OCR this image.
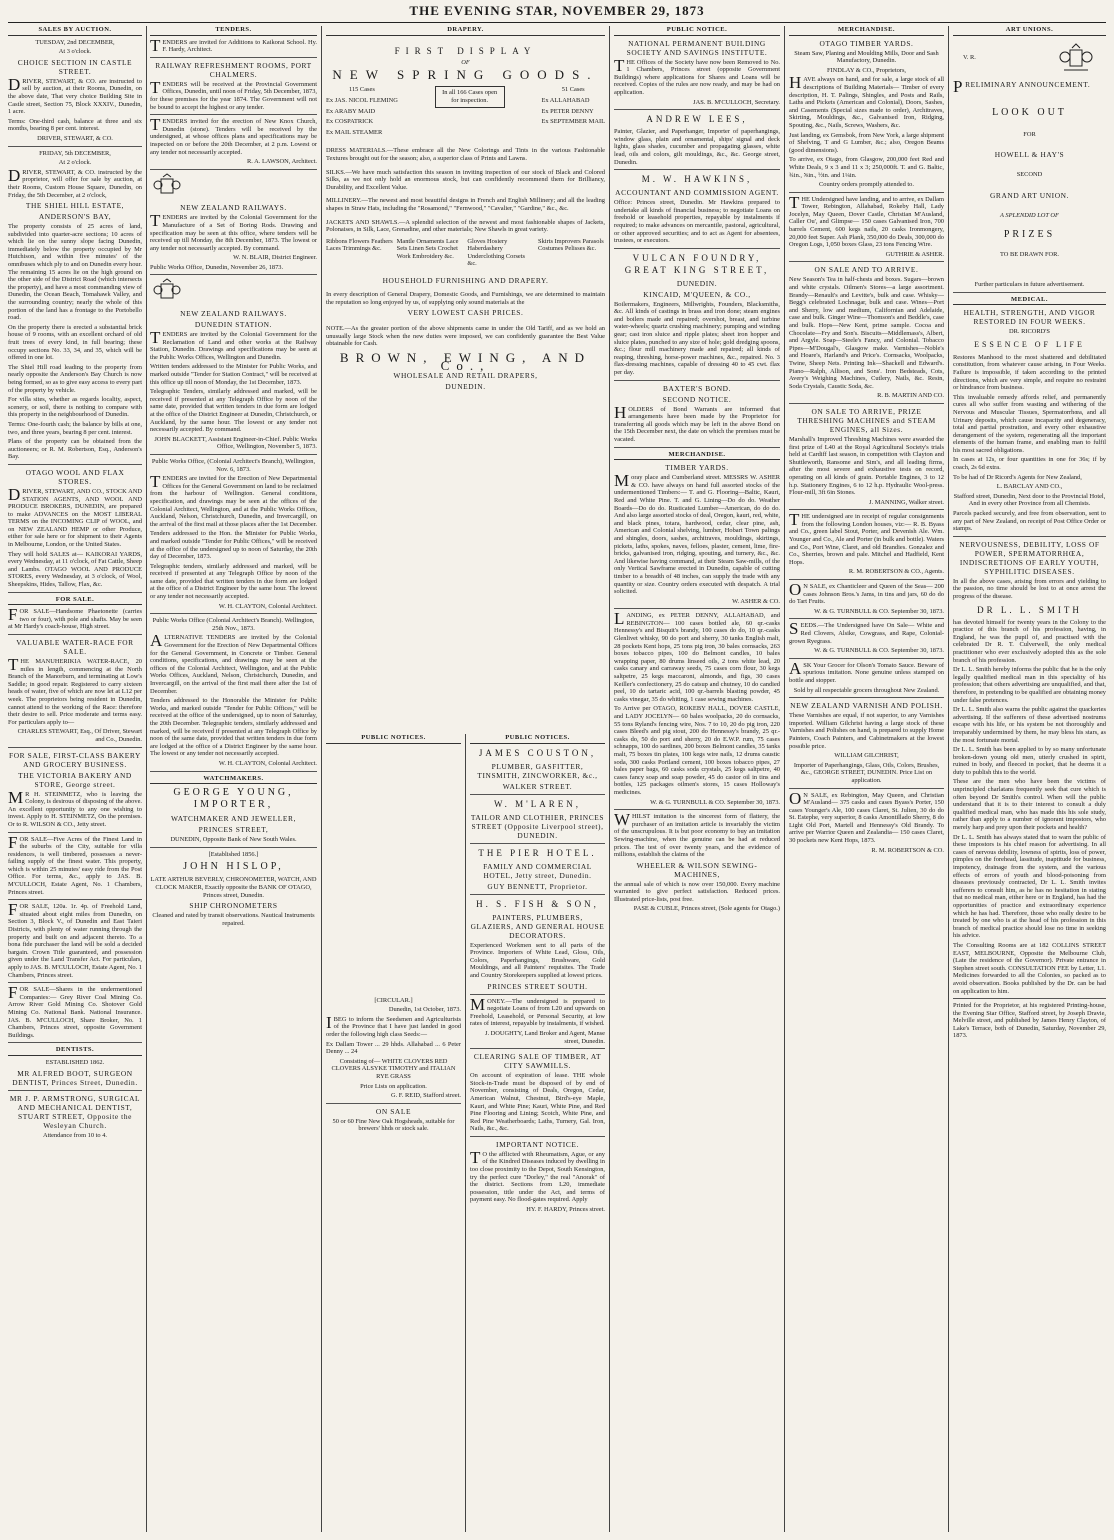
THE EVENING STAR, NOVEMBER 29, 1873
SALES BY AUCTION.
TUESDAY, 2nd DECEMBER,
At 3 o'clock.
CHOICE SECTION IN CASTLE STREET.
DRIVER, STEWART, & CO. are instructed to sell by auction, at their Rooms, Dunedin, on the above date, That very choice Building Site in Castle street, Section 75, Block XXXIV., Dunedin, 1 acre.
Terms: One-third cash, balance at three and six months, bearing 8 per cent. interest.
DRIVER, STEWART, & CO.
FRIDAY, 5th DECEMBER,
At 2 o'clock.
DRIVER, STEWART, & CO. instructed by the proprietor, will offer for sale by auction, at their Rooms, Custom House Square, Dunedin, on Friday, the 5th December, at 2 o'clock,
THE SHIEL HILL ESTATE,
ANDERSON'S BAY,
The property consists of 25 acres of land, subdivided into quarter-acre sections; 10 acres of which lie on the sunny slope facing Dunedin, immediately below the property occupied by Mr Hutchison, and within five minutes' of the omnibuses which ply to and on Dunedin every hour. The remaining 15 acres lie on the high ground on the other side of the District Road (which intersects the property), and have a most commanding view of Dunedin, the Ocean Beach, Tomahawk Valley, and the surrounding country; nearly the whole of this portion of the land has a frontage to the Portobello road.
On the property there is erected a substantial brick house of 9 rooms, with an excellent orchard of old fruit trees of every kind, in full bearing; these occupy sections No. 33, 34, and 35, which will be offered in one lot.
The Shiel Hill road leading to the property from nearly opposite the Anderson's Bay Church is now being formed, so as to give easy access to every part of the property by vehicle.
For villa sites, whether as regards locality, aspect, scenery, or soil, there is nothing to compare with this property in the neighbourhood of Dunedin.
Terms: One-fourth cash; the balance by bills at one, two, and three years, bearing 8 per cent. interest.
Plans of the property can be obtained from the auctioneers; or R. M. Robertson, Esq., Anderson's Bay.
OTAGO WOOL AND FLAX STORES.
DRIVER, STEWART, AND CO., STOCK AND STATION AGENTS, AND WOOL AND PRODUCE BROKERS, DUNEDIN, are prepared to make ADVANCES on the MOST LIBERAL TERMS on the INCOMING CLIP of WOOL, and on NEW ZEALAND HEMP or other Produce, either for sale here or for shipment to their Agents in Melbourne, London, or the United States.
They will hold SALES at— KAIKORAI YARDS, every Wednesday, at 11 o'clock, of Fat Cattle, Sheep and Lambs. OTAGO WOOL AND PRODUCE STORES, every Wednesday, at 3 o'clock, of Wool, Sheepskins, Hides, Tallow, Flax, &c.
FOR SALE.
FOR SALE—Handsome Phaetonette (carries two or four), with pole and shafts. May be seen at Mr Hardy's coach-house, High street.
VALUABLE WATER-RACE FOR SALE.
THE MANUHERIKIA WATER-RACE, 20 miles in length, commencing at the North Branch of the Manorburn, and terminating at Low's Saddle; in good repair. Registered to carry sixteen heads of water, five of which are now let at L12 per week. The proprietors being resident in Dunedin, cannot attend to the working of the Race: therefore their desire to sell. Price moderate and terms easy. For particulars apply to—
CHARLES STEWART, Esq., Of Driver, Stewart and Co., Dunedin.
FOR SALE, FIRST-CLASS BAKERY AND GROCERY BUSINESS.
THE VICTORIA BAKERY AND STORE, George street.
MR H. STEINMETZ, who is leaving the Colony, is desirous of disposing of the above. An excellent opportunity to any one wishing to invest. Apply to H. STEINMETZ, On the premises. Or to R. WILSON & CO., Jetty street.
FOR SALE—Five Acres of the Finest Land in the suburbs of the City, suitable for villa residences, is well timbered, possesses a never-failing supply of the finest water. This property, which is within 25 minutes' easy ride from the Post Office. For terms, &c., apply to JAS. B. M'CULLOCH, Estate Agent, No. 1 Chambers, Princes street.
FOR SALE, 120a. 1r. 4p. of Freehold Land, situated about eight miles from Dunedin, on Section 3, Block V., of Dunedin and East Taieri Districts, with plenty of water running through the property and built on and adjacent thereto. To a bona fide purchaser the land will be sold a decided bargain. Crown Title guaranteed, and possession given under the Land Transfer Act. For particulars, apply to JAS. B. M'CULLOCH, Estate Agent, No. 1 Chambers, Princes street.
FOR SALE—Shares in the undermentioned Companies:— Grey River Coal Mining Co. Arrow River Gold Mining Co. Shotover Gold Mining Co. National Bank. National Insurance. JAS. B. M'CULLOCH, Share Broker, No. 1 Chambers, Princes street, opposite Government Buildings.
DENTISTS.
ESTABLISHED 1862.
MR ALFRED BOOT, SURGEON DENTIST, Princes Street, Dunedin.
MR J. P. ARMSTRONG, SURGICAL AND MECHANICAL DENTIST, STUART STREET, Opposite the Wesleyan Church.
Attendance from 10 to 4.
TENDERS.
TENDERS are invited for Additions to Kaikorai School. Hy. F. Hardy, Architect.
RAILWAY REFRESHMENT ROOMS, PORT CHALMERS.
TENDERS will be received at the Provincial Government Offices, Dunedin, until noon of Friday, 5th December, 1873, for these premises for the year 1874. The Government will not be bound to accept the highest or any tender.
TENDERS invited for the erection of New Knox Church, Dunedin (stone). Tenders will be received by the undersigned, at whose offices plans and specifications may be inspected on or before the 20th December, at 2 p.m. Lowest or any tender not necessarily accepted.
R. A. LAWSON, Architect.
NEW ZEALAND RAILWAYS.
TENDERS are invited by the Colonial Government for the Manufacture of a Set of Boring Rods. Drawing and specification may be seen at this office, where tenders will be received up till Monday, the 8th December, 1873. The lowest or any tender not necessarily accepted. By command.
W. N. BLAIR, District Engineer.
Public Works Office, Dunedin, November 26, 1873.
NEW ZEALAND RAILWAYS.
DUNEDIN STATION.
TENDERS are invited by the Colonial Government for the Reclamation of Land and other works at the Railway Station, Dunedin. Drawings and specifications may be seen at the Public Works Offices, Wellington and Dunedin.
Written tenders addressed to the Minister for Public Works, and marked outside "Tender for Station Contract," will be received at this office up till noon of Monday, the 1st December, 1873.
Telegraphic Tenders, similarly addressed and marked, will be received if presented at any Telegraph Office by noon of the same date, provided that written tenders in due form are lodged at the office of the District Engineer at Dunedin, Christchurch, or Auckland, by the same hour. The lowest or any tender not necessarily accepted. By command.
JOHN BLACKETT, Assistant Engineer-in-Chief. Public Works Office, Wellington, November 5, 1873.
Public Works Office, (Colonial Architect's Branch), Wellington, Nov. 6, 1873.
TENDERS are invited for the Erection of New Departmental Offices for the General Government on land to be reclaimed from the harbour of Wellington. General conditions, specification, and drawings may be seen at the offices of the Colonial Architect, Wellington, and at the Public Works Offices, Auckland, Nelson, Christchurch, Dunedin, and Invercargill, on the arrival of the first mail at those places after the 1st December.
Tenders addressed to the Hon. the Minister for Public Works, and marked outside "Tender for Public Offices," will be received at the office of the undersigned up to noon of Saturday, the 20th day of December, 1873.
Telegraphic tenders, similarly addressed and marked, will be received if presented at any Telegraph Office by noon of the same date, provided that written tenders in due form are lodged at the office of a District Engineer by the same hour. The lowest or any tender not necessarily accepted.
W. H. CLAYTON, Colonial Architect.
Public Works Office (Colonial Architect's Branch). Wellington, 25th Nov., 1873.
ALTERNATIVE TENDERS are invited by the Colonial Government for the Erection of New Departmental Offices for the General Government, in Concrete or Timber. General conditions, specifications, and drawings may be seen at the offices of the Colonial Architect, Wellington, and at the Public Works Offices, Auckland, Nelson, Christchurch, Dunedin, and Invercargill, on the arrival of the first mail there after the 1st of December.
Tenders addressed to the Honorable the Minister for Public Works, and marked outside "Tender for Public Offices," will be received at the office of the undersigned, up to noon of Saturday, the 20th December. Telegraphic tenders, similarly addressed and marked, will be received if presented at any Telegraph Office by noon of the same date, provided that written tenders in due form are lodged at the office of a District Engineer by the same hour. The lowest or any tender not necessarily accepted.
W. H. CLAYTON, Colonial Architect.
WATCHMAKERS.
GEORGE YOUNG, IMPORTER,
WATCHMAKER AND JEWELLER,
PRINCES STREET,
DUNEDIN, Opposite Bank of New South Wales.
[Established 1856.]
JOHN HISLOP,
LATE ARTHUR BEVERLY, CHRONOMETER, WATCH, AND CLOCK MAKER, Exactly opposite the BANK OF OTAGO, Princes street, Dunedin.
SHIP CHRONOMETERS
Cleaned and rated by transit observations. Nautical Instruments repaired.
DRAPERY.
FIRST DISPLAY
OF
NEW SPRING GOODS.
115 Cases
Ex JAS. NICOL FLEMING
Ex ARABY MAID
Ex COSPATRICK
Ex MAIL STEAMER
In all 166 Cases open for inspection.
51 Cases
Ex ALLAHABAD
Ex PETER DENNY
Ex SEPTEMBER MAIL
DRESS MATERIALS.—These embrace all the New Colorings and Tints in the various Fashionable Textures brought out for the season; also, a superior class of Prints and Lawns.
SILKS.—We have much satisfaction this season in inviting inspection of our stock of Black and Colored Silks, as we not only hold an enormous stock, but can confidently recommend them for Brilliancy, Durability, and Excellent Value.
MILLINERY.—The newest and most beautiful designs in French and English Millinery; and all the leading shapes in Straw Hats, including the "Rosamond," "Fernwood," "Cavalier," "Gardine," &c., &c.
JACKETS AND SHAWLS.—A splendid selection of the newest and most fashionable shapes of Jackets, Polonaises, in Silk, Lace, Grenadine, and other materials; New Shawls in great variety.
Ribbons Flowers Feathers Laces Trimmings &c.
Mantle Ornaments Lace Sets Linen Sets Crochet Work Embroidery &c.
Gloves Hosiery Haberdashery Underclothing Corsets &c.
Skirts Improvers Parasols Costumes Pelisses &c.
HOUSEHOLD FURNISHING AND DRAPERY.
In every description of General Drapery, Domestic Goods, and Furnishings, we are determined to maintain the reputation so long enjoyed by us, of supplying only sound materials at the
VERY LOWEST CASH PRICES.
NOTE.—As the greater portion of the above shipments came in under the Old Tariff, and as we hold an unusually large Stock when the new duties were imposed, we can confidently guarantee the Best Value obtainable for Cash.
BROWN, EWING, AND Co.,
WHOLESALE AND RETAIL DRAPERS,
DUNEDIN.
PUBLIC NOTICES.
[CIRCULAR.]
Dunedin, 1st October, 1873.
IBEG to inform the Seedsmen and Agriculturists of the Province that I have just landed in good order the following high class Seeds:—
Ex Dallam Tower ... 29 hhds. Allahabad ... 6 Peter Denny ... 24
Consisting of— WHITE CLOVERS RED CLOVERS ALSYKE TIMOTHY and ITALIAN RYE GRASS
Price Lists on application.
G. F. REID, Stafford street.
ON SALE
50 or 60 Fine New Oak Hogsheads, suitable for brewers' hhds or stock sale.
PUBLIC NOTICES.
JAMES COUSTON,
PLUMBER, GASFITTER, TINSMITH, ZINCWORKER, &c.,
WALKER STREET.
W. M'LAREN,
TAILOR AND CLOTHIER, PRINCES STREET (Opposite Liverpool street), DUNEDIN.
THE PIER HOTEL.
FAMILY AND COMMERCIAL HOTEL, Jetty street, Dunedin.
GUY BENNETT, Proprietor.
H. S. FISH & SON,
PAINTERS, PLUMBERS, GLAZIERS, AND GENERAL HOUSE DECORATORS.
Experienced Workmen sent to all parts of the Province. Importers of White Lead, Gloss, Oils, Colors, Paperhangings, Brushware, Gold Mouldings, and all Painters' requisites. The Trade and Country Storekeepers supplied at lowest prices.
PRINCES STREET SOUTH.
MONEY.—The undersigned is prepared to negotiate Loans of from L20 and upwards on Freehold, Leasehold, or Personal Security, at low rates of interest, repayable by instalments, if wished.
J. DOUGHTY, Land Broker and Agent, Manse street, Dunedin.
CLEARING SALE OF TIMBER, AT CITY SAWMILLS.
On account of expiration of lease. THE whole Stock-in-Trade must be disposed of by end of November, consisting of Deals, Oregon, Cedar, American Walnut, Chestnut, Bird's-eye Maple, Kauri, and White Pine; Kauri, White Pine, and Red Pine Flooring and Lining; Scotch, White Pine, and Red Pine Weatherboards; Laths, Turnery, Gal. Iron, Nails, &c., &c.
IMPORTANT NOTICE.
TO the afflicted with Rheumatism, Ague, or any of the Kindred Diseases induced by dwelling in too close proximity to the Depot, South Kensington, try the perfect cure "Dorley," the real "Anorak" of the district. Sections from L20, immediate possession, title under the Act, and terms of payment easy. No flood-gates required. Apply
HY. F. HARDY, Princes street.
PUBLIC NOTICE.
NATIONAL PERMANENT BUILDING SOCIETY AND SAVINGS INSTITUTE.
THE Offices of the Society have now been Removed to No. 1 Chambers, Princes street (opposite Government Buildings) where applications for Shares and Loans will be received. Copies of the rules are now ready, and may be had on application.
JAS. B. M'CULLOCH, Secretary.
ANDREW LEES,
Painter, Glazier, and Paperhanger, Importer of paperhangings, window glass, plain and ornamental, ships' signal and deck lights, glass shades, cucumber and propagating glasses, white lead, oils and colors, gilt mouldings, &c., &c. George street, Dunedin.
M. W. HAWKINS,
ACCOUNTANT AND COMMISSION AGENT.
Office: Princes street, Dunedin. Mr Hawkins prepared to undertake all kinds of financial business; to negotiate Loans on freehold or leasehold properties, repayable by instalments if required; to make advances on mercantile, pastoral, agricultural, or other approved securities; and to act as Agent for absentees, trustees, or executors.
VULCAN FOUNDRY, GREAT KING STREET,
DUNEDIN.
KINCAID, M'QUEEN, & CO.,
Boilermakers, Engineers, Millwrights, Founders, Blacksmiths, &c. All kinds of castings in brass and iron done; steam engines and boilers made and repaired; overshot, breast, and turbine water-wheels; quartz crushing machinery; pumping and winding gear; cast iron sluice and ripple plates; sheet iron hopper and sluice plates, punched to any size of hole; gold dredging spoons, &c.; flour mill machinery made and repaired; all kinds of reaping, threshing, horse-power machines, &c., repaired. No. 3 flax-dressing machines, capable of dressing 40 to 45 cwt. flax per day.
BAXTER'S BOND.
SECOND NOTICE.
HOLDERS of Bond Warrants are informed that arrangements have been made by the Proprietor for transferring all goods which may be left in the above Bond on the 15th December next, the date on which the premises must be vacated.
MERCHANDISE.
TIMBER YARDS.
Moray place and Cumberland street. MESSRS W. ASHER & CO. have always on hand full assorted stocks of the undermentioned Timbers:— T. and G. Flooring—Baltic, Kauri, Red and White Pine. T. and G. Lining—Do do do. Weather Boards—Do do do. Rusticated Lumber—American, do do do. And also large assorted stocks of deal, Oregon, kauri, red, white, and black pines, totara, hardwood, cedar, clear pine, ash, American and Colonial shelving, lumber, Hobart Town palings and shingles, doors, sashes, architraves, mouldings, skirtings, pickets, laths, spokes, naves, felloes, plaster, cement, lime, fire-bricks, galvanised iron, ridging, spouting, and turnery, &c., &c. And likewise having command, at their Steam Saw-mills, of the only Vertical Sawframe erected in Dunedin, capable of cutting timber to a breadth of 48 inches, can supply the trade with any quantity or size. Country orders executed with despatch. A trial solicited.
W. ASHER & CO.
LANDING, ex PETER DENNY, ALLAHABAD, and REBINGTON— 100 cases bottled ale, 60 qr.-casks Hennessy's and Bisquit's brandy, 100 cases do do, 10 qr.-casks Glenlivet whisky, 90 do port and sherry, 30 tanks English malt, 28 pockets Kent hops, 25 tons pig iron, 30 bales cornsacks, 263 boxes tobacco pipes, 100 do Belmont candles, 10 bales wrapping paper, 80 drums linseed oils, 2 tons white lead, 20 casks canary and carraway seeds, 75 cases corn flour, 30 kegs saltpetre, 25 kegs maccaroni, almonds, and figs, 30 cases Keiller's confectionery, 25 do catsup and chutney, 10 do candied peel, 10 do tartaric acid, 100 qr.-barrels blasting powder, 45 casks vinegar, 35 do whiting, 1 case sewing machines.
To Arrive per OTAGO, ROKEBY HALL, DOVER CASTLE, and LADY JOCELYN— 60 bales woolpacks, 20 do cornsacks, 55 tons Ryland's fencing wire, Nos. 7 to 10, 20 do pig iron, 220 cases Bleed's and pig stout, 200 do Hennessy's brandy, 25 qr.-casks do, 50 do port and sherry, 20 do E.W.P. rum, 75 cases schnapps, 100 do sardines, 200 boxes Belmont candles, 35 tanks malt, 75 boxes tin plates, 100 kegs wire nails, 12 drums caustic soda, 300 casks Portland cement, 100 boxes tobacco pipes, 27 bales paper bags, 60 casks soda crystals, 25 kegs saltpetre, 40 cases fancy soap and soap powder, 45 do castor oil in tins and bottles, 125 packages oilmen's stores, 15 cases Holloway's medicines.
W. & G. TURNBULL & CO. September 30, 1873.
WHILST imitation is the sincerest form of flattery, the purchaser of an imitation article is invariably the victim of the unscrupulous. It is but poor economy to buy an imitation Sewing-machine, when the genuine can be had at reduced prices. The test of over twenty years, and the evidence of millions, establish the claims of the
WHEELER & WILSON SEWING-MACHINES,
the annual sale of which is now over 150,000. Every machine warranted to give perfect satisfaction. Reduced prices. Illustrated price-lists, post free.
PASE & CUBLE, Princes street, (Sole agents for Otago.)
MERCHANDISE.
OTAGO TIMBER YARDS.
Steam Saw, Planing and Moulding Mills, Door and Sash Manufactory, Dunedin.
FINDLAY & CO., Proprietors,
HAVE always on hand, and for sale, a large stock of all descriptions of Building Materials— Timber of every description, H. T. Palings, Shingles, and Posts and Rails, Laths and Pickets (American and Colonial), Doors, Sashes, and Casements (Special sizes made to order), Architraves, Skirting, Mouldings, &c., Galvanised Iron, Ridging, Spouting, &c., Nails, Screws, Washers, &c.
Just landing, ex Gemsbok, from New York, a large shipment of Shelving, T and G Lumber, &c.; also, Oregon Beams (good dimensions).
To arrive, ex Otago, from Glasgow, 200,000 feet Red and White Deals, 9 x 3 and 11 x 3; 250,000ft. T. and G. Baltic, ¾in., ⅝in., ½in. and 1¼in.
Country orders promptly attended to.
THE Undersigned have landing, and to arrive, ex Dallam Tower, Rebington, Allahabad, Rokeby Hall, Lady Jocelyn, May Queen, Dover Castle, Christian M'Ausland, Caller Ou', and Glimpse— 150 cases Galvanised Iron, 700 barrels Cement, 600 kegs nails, 20 casks Ironmongery, 20,000 feet Super. Ash Plank, 350,000 do Deals, 300,000 do Oregon Logs, 1,050 boxes Glass, 23 tons Fencing Wire.
GUTHRIE & ASHER.
ON SALE AND TO ARRIVE.
New Season's Tea in half-chests and boxes. Sugars—brown and white crystals. Oilmen's Stores—a large assortment. Brandy—Renault's and Levitte's, bulk and case. Whisky—Begg's celebrated Lochnagar, bulk and case. Wines—Port and Sherry, low and medium, Californian and Adelaide, case and bulk. Ginger Wine—Thomson's and Beddle's, case and bulk. Hops—New Kent, prime sample. Cocoa and Chocolate—Fry and Son's. Biscuits—Middlemass's, Albert, and Argyle. Soap—Steele's Fancy, and Colonial. Tobacco Pipes—M'Dougal's, Glasgow make. Varnishes—Noble's and Hoare's, Harland's and Price's. Cornsacks, Woolpacks, Twine, Sheep Nets. Printing Ink—Shackell and Edward's. Piano—Ralph, Allison, and Sons'. Iron Bedsteads, Cots, Avery's Weighing Machines, Cutlery, Nails, &c. Resin, Soda Crystals, Caustic Soda, &c.
R. B. MARTIN AND CO.
ON SALE TO ARRIVE, PRIZE THRESHING MACHINES and STEAM ENGINES, all Sizes.
Marshall's Improved Threshing Machines were awarded the first prize of L40 at the Royal Agricultural Society's trials held at Cardiff last season, in competition with Clayton and Shuttleworth, Ransome and Sim's, and all leading firms, after the most severe and exhaustive tests on record, operating on all kinds of grain. Portable Engines, 3 to 12 h.p. Stationery Engines, 6 to 12 h.p. Hydraulic Wool-press. Flour-mill, 3ft 6in Stones.
J. MANNING, Walker street.
THE undersigned are in receipt of regular consignments from the following London houses, viz:— R. B. Byass and Co., green label Stout, Porter, and Devenish Ale. Wm. Younger and Co., Ale and Porter (in bulk and bottle). Waters and Co., Port Wine, Claret, and old Brandies. Gonzalez and Co., Sherries, brown and pale. Mitchel and Hadfield, Kent Hops.
R. M. ROBERTSON & CO., Agents.
ON SALE, ex Chanticleer and Queen of the Seas— 200 cases Johnson Bros.'s Jams, in tins and jars, 60 do do do Tart Fruits.
W. & G. TURNBULL & CO. September 30, 1873.
SEEDS.—The Undersigned have On Sale— White and Red Clovers, Alsike, Cowgrass, and Rape, Colonial-grown Ryegrass.
W. & G. TURNBULL & CO. September 30, 1873.
ASK Your Grocer for Olson's Tomato Sauce. Beware of spurious imitation. None genuine unless stamped on bottle and stopper.
Sold by all respectable grocers throughout New Zealand.
NEW ZEALAND VARNISH AND POLISH.
These Varnishes are equal, if not superior, to any Varnishes imported. William Gilchrist having a large stock of these Varnishes and Polishes on hand, is prepared to supply Home Painters, Coach Painters, and Cabinetmakers at the lowest possible price.
WILLIAM GILCHRIST,
Importer of Paperhangings, Glass, Oils, Colors, Brushes, &c., GEORGE STREET, DUNEDIN. Price List on application.
ON SALE, ex Rebington, May Queen, and Christian M'Ausland— 375 casks and cases Byass's Porter, 150 cases Younger's Ale, 100 cases Claret, St. Julien, 30 do do St. Estephe, very superior, 8 casks Amontillado Sherry, 8 do Light Old Port, Martell and Hennessy's Old Brandy. To arrive per Warrior Queen and Zealandia— 150 cases Claret, 30 pockets new Kent Hops, 1873.
R. M. ROBERTSON & CO.
ART UNIONS.
V. R.
PRELIMINARY ANNOUNCEMENT.
LOOK OUT
FOR
HOWELL & HAY'S
SECOND
GRAND ART UNION.
A SPLENDID LOT OF
PRIZES
TO BE DRAWN FOR.
Further particulars in future advertisement.
MEDICAL.
HEALTH, STRENGTH, AND VIGOR RESTORED IN FOUR WEEKS.
DR. RICORD'S
ESSENCE OF LIFE
Restores Manhood to the most shattered and debilitated constitution, from whatever cause arising, in Four Weeks. Failure is impossible, if taken according to the printed directions, which are very simple, and require no restraint or hindrance from business.
This invaluable remedy affords relief, and permanently cures all who suffer from wasting and withering of the Nervous and Muscular Tissues, Spermatorrhœa, and all Urinary deposits, which cause incapacity and degeneracy, total and partial prostration, and every other exhaustive derangement of the system, regenerating all the important elements of the human frame, and enabling man to fulfil his most sacred obligations.
In cases at 12s, or four quantities in one for 36s; if by coach, 2s 6d extra.
To be had of Dr Ricord's Agents for New Zealand,
L. BARCLAY AND CO.,
Stafford street, Dunedin, Next door to the Provincial Hotel, And in every other Province from all Chemists.
Parcels packed securely, and free from observation, sent to any part of New Zealand, on receipt of Post Office Order or stamps.
NERVOUSNESS, DEBILITY, LOSS OF POWER, SPERMATORRHŒA, INDISCRETIONS OF EARLY YOUTH, SYPHILITIC DISEASES.
In all the above cases, arising from errors and yielding to the passion, no time should be lost to at once arrest the progress of the disease.
DR L. L. SMITH
has devoted himself for twenty years in the Colony to the practice of this branch of his profession, having, in England, he was the pupil of, and practised with the celebrated Dr R. T. Culverwell, the only medical practitioner who ever exclusively adopted this as the sole branch of his profession.
Dr L. L. Smith hereby informs the public that he is the only legally qualified medical man in this speciality of his profession; that others advertising are unqualified, and that, therefore, in pretending to be qualified are obtaining money under false pretences.
Dr L. L. Smith also warns the public against the quackeries advertising. If the sufferers of these advertised nostrums escape with his life, or his system be not thoroughly and irreparably undermined by them, he may bless his stars, as the most fortunate mortal.
Dr L. L. Smith has been applied to by so many unfortunate broken-down young old men, utterly crushed in spirit, ruined in body, and fleeced in pocket, that he deems it a duty to publish this to the world.
These are the men who have been the victims of unprincipled charlatans frequently seek that cure which is often beyond Dr Smith's control. When will the public understand that it is to their interest to consult a duly qualified medical man, who has made this his sole study, rather than apply to a number of ignorant impostors, who merely harp and prey upon their pockets and health?
Dr L. L. Smith has always stated that to warn the public of these impostors is his chief reason for advertising. In all cases of nervous debility, lowness of spirits, loss of power, pimples on the forehead, lassitude, inaptitude for business, impotency, drainage from the system, and the various effects of errors of youth and blood-poisoning from diseases previously contracted, Dr L. L. Smith invites sufferers to consult him, as he has no hesitation in stating that no medical man, either here or in England, has had the opportunities of practice and extraordinary experience which he has had. Therefore, those who really desire to be treated by one who is at the head of his profession in this branch of medical practice should lose no time in seeking his advice.
The Consulting Rooms are at 182 COLLINS STREET EAST, MELBOURNE, Opposite the Melbourne Club, (Late the residence of the Governor). Private entrance in Stephen street south. CONSULTATION FEE by Letter, L1. Medicines forwarded to all the Colonies, so packed as to avoid observation. Books published by the Dr. can be had on application to him.
Printed for the Proprietor, at his registered Printing-house, the Evening Star Office, Stafford street, by Joseph Dravie, Melville street, and published by James Henry Clayton, of Lake's Terrace, both of Dunedin, Saturday, November 29, 1873.
